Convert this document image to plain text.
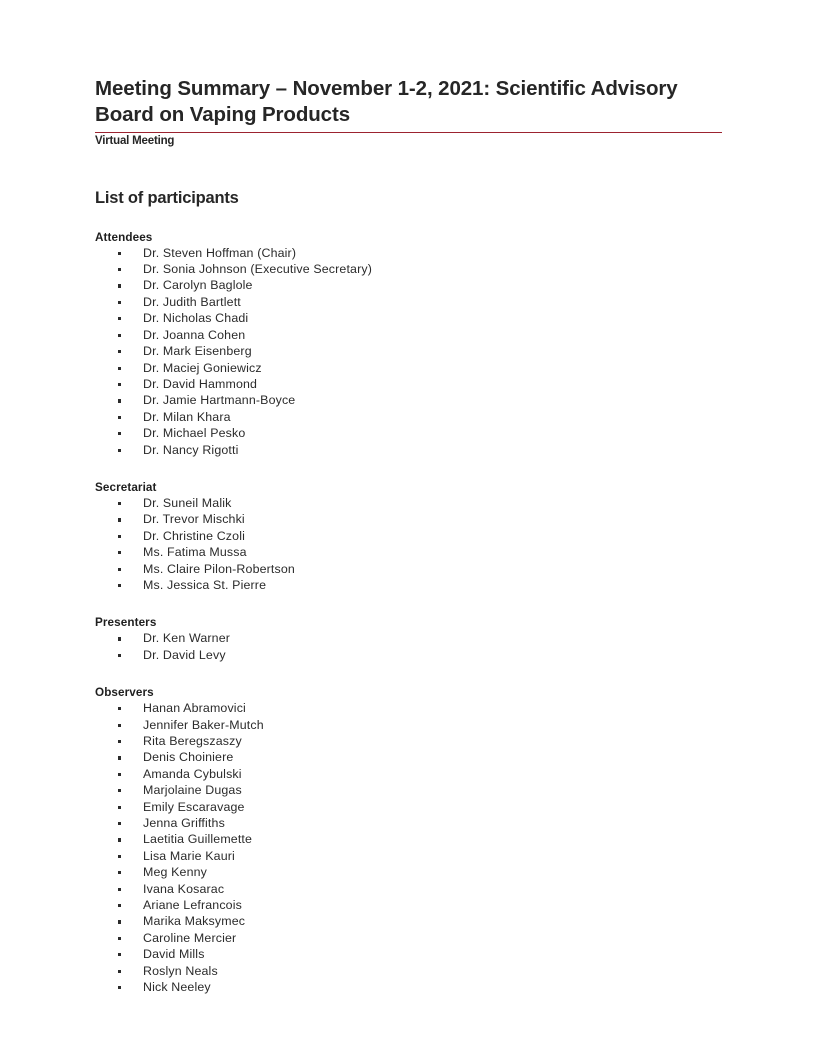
Meeting Summary – November 1-2, 2021: Scientific Advisory Board on Vaping Products
Virtual Meeting
List of participants
Attendees
Dr. Steven Hoffman (Chair)
Dr. Sonia Johnson (Executive Secretary)
Dr. Carolyn Baglole
Dr. Judith Bartlett
Dr. Nicholas Chadi
Dr. Joanna Cohen
Dr. Mark Eisenberg
Dr. Maciej Goniewicz
Dr. David Hammond
Dr. Jamie Hartmann-Boyce
Dr. Milan Khara
Dr. Michael Pesko
Dr. Nancy Rigotti
Secretariat
Dr. Suneil Malik
Dr. Trevor Mischki
Dr. Christine Czoli
Ms. Fatima Mussa
Ms. Claire Pilon-Robertson
Ms. Jessica St. Pierre
Presenters
Dr. Ken Warner
Dr. David Levy
Observers
Hanan Abramovici
Jennifer Baker-Mutch
Rita Beregszaszy
Denis Choiniere
Amanda Cybulski
Marjolaine Dugas
Emily Escaravage
Jenna Griffiths
Laetitia Guillemette
Lisa Marie Kauri
Meg Kenny
Ivana Kosarac
Ariane Lefrancois
Marika Maksymec
Caroline Mercier
David Mills
Roslyn Neals
Nick Neeley
